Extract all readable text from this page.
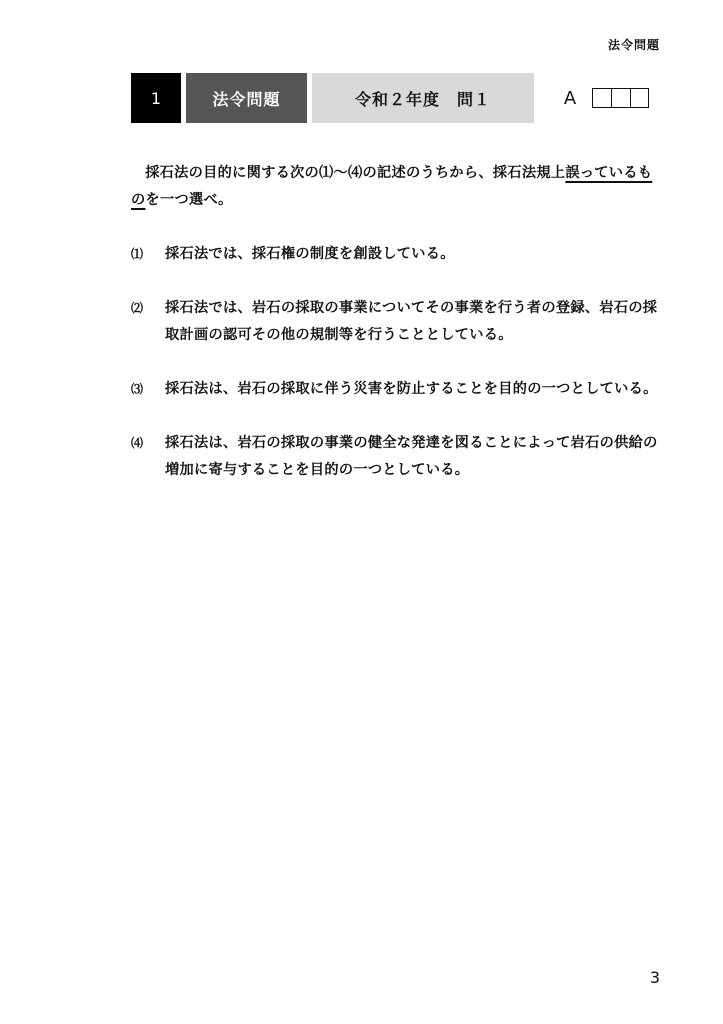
法令問題
1	法令問題	令和２年度　問１	A

採石法の目的に関する次の⑴～⑷の記述のうちから、採石法規上誤っているものを一つ選べ。

⑴	採石法では、採石権の制度を創設している。
⑵	採石法では、岩石の採取の事業についてその事業を行う者の登録、岩石の採取計画の認可その他の規制等を行うこととしている。
⑶	採石法は、岩石の採取に伴う災害を防止することを目的の一つとしている。
⑷	採石法は、岩石の採取の事業の健全な発達を図ることによって岩石の供給の増加に寄与することを目的の一つとしている。
3
